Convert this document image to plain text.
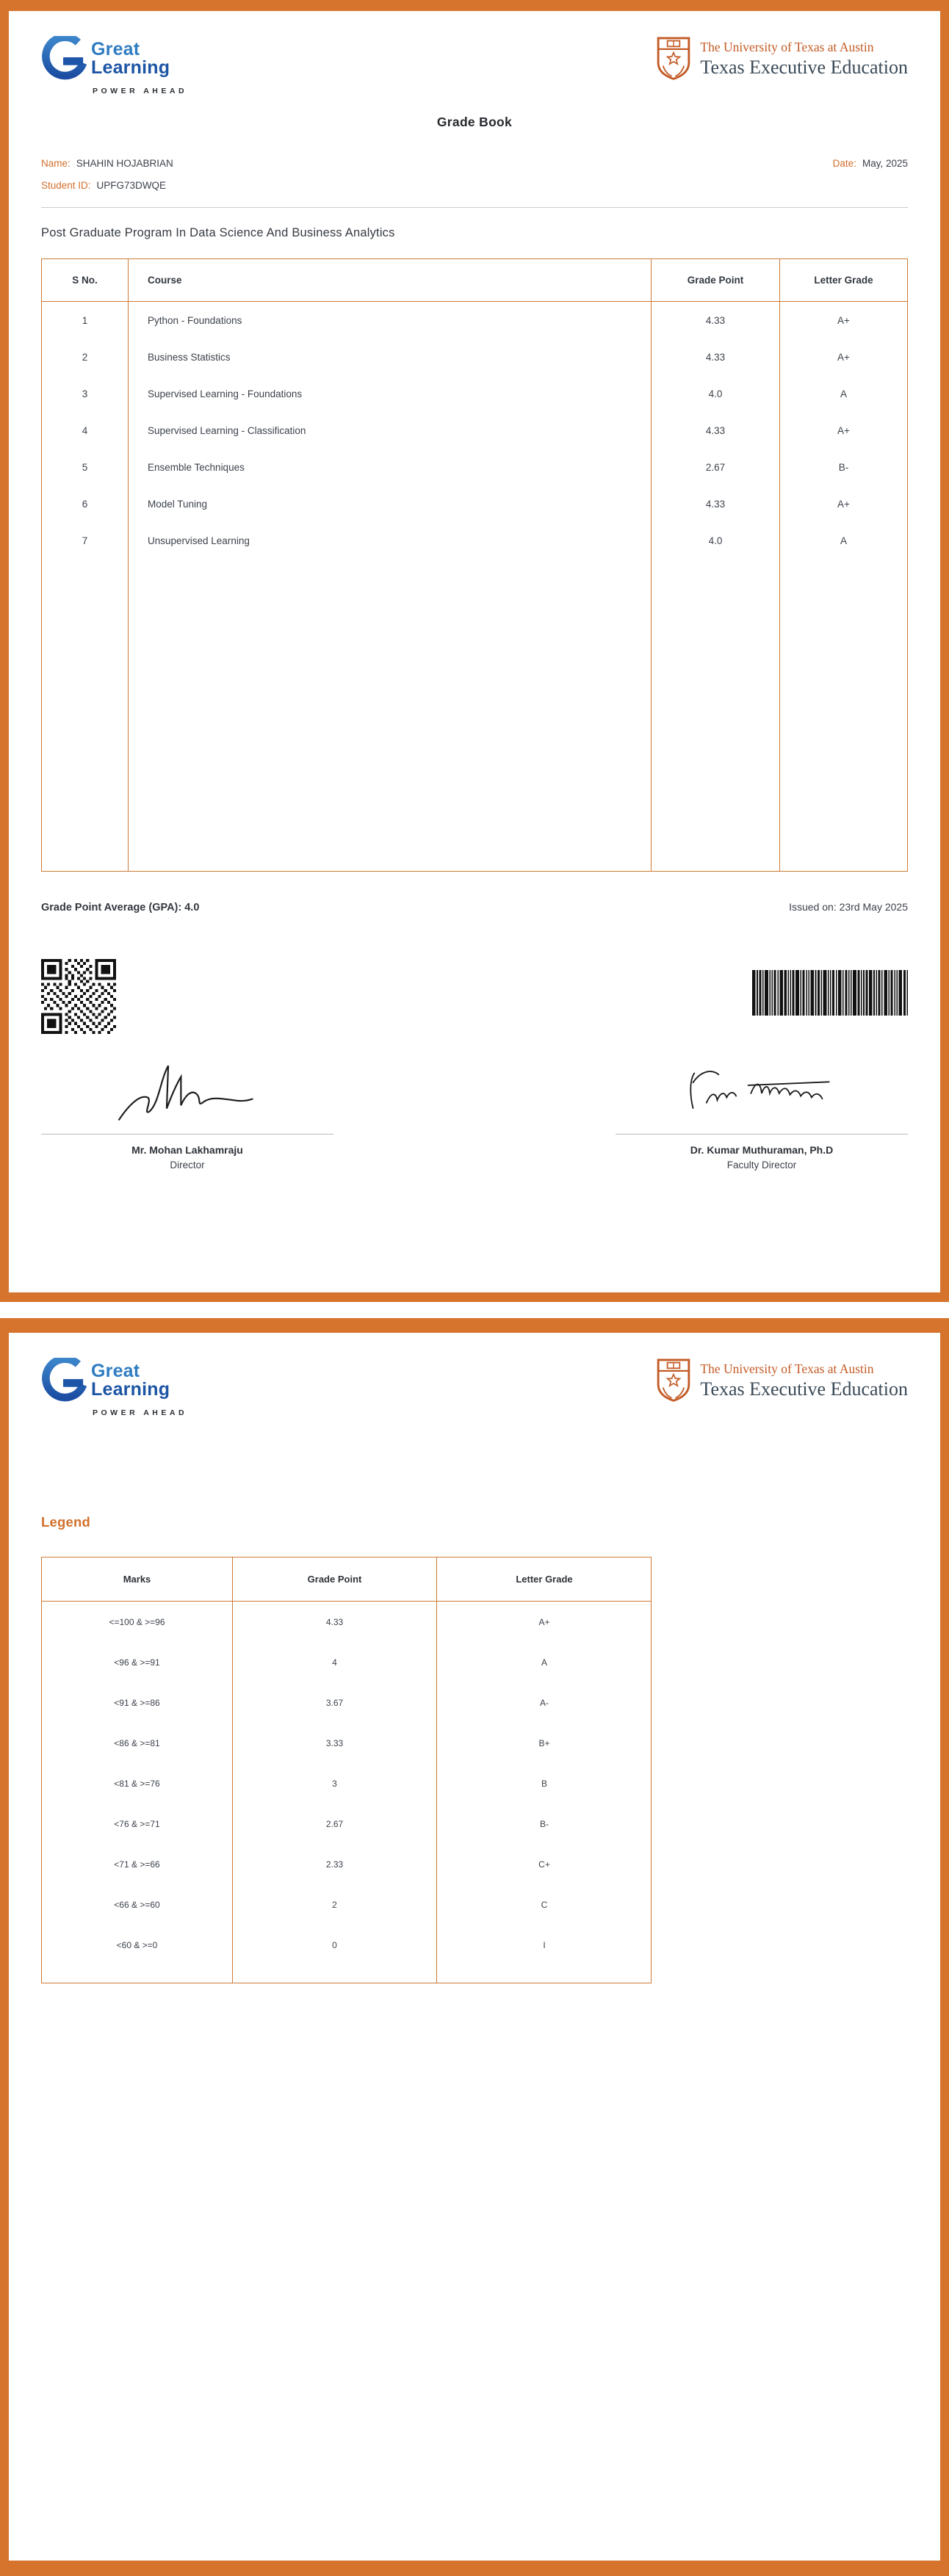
Great
Learning
POWER AHEAD
The University of Texas at Austin
Texas Executive Education
Grade Book
Name: SHAHIN HOJABRIAN	Date: May, 2025
Student ID: UPFG73DWQE
Post Graduate Program In Data Science And Business Analytics
S No.	Course	Grade Point	Letter Grade
1	Python - Foundations	4.33	A+
2	Business Statistics	4.33	A+
3	Supervised Learning - Foundations	4.0	A
4	Supervised Learning - Classification	4.33	A+
5	Ensemble Techniques	2.67	B-
6	Model Tuning	4.33	A+
7	Unsupervised Learning	4.0	A
Grade Point Average (GPA): 4.0	Issued on: 23rd May 2025
Mr. Mohan Lakhamraju
Director
Dr. Kumar Muthuraman, Ph.D
Faculty Director
Great
Learning
POWER AHEAD
The University of Texas at Austin
Texas Executive Education
Legend
Marks	Grade Point	Letter Grade
<=100 & >=96	4.33	A+
<96 & >=91	4	A
<91 & >=86	3.67	A-
<86 & >=81	3.33	B+
<81 & >=76	3	B
<76 & >=71	2.67	B-
<71 & >=66	2.33	C+
<66 & >=60	2	C
<60 & >=0	0	I
